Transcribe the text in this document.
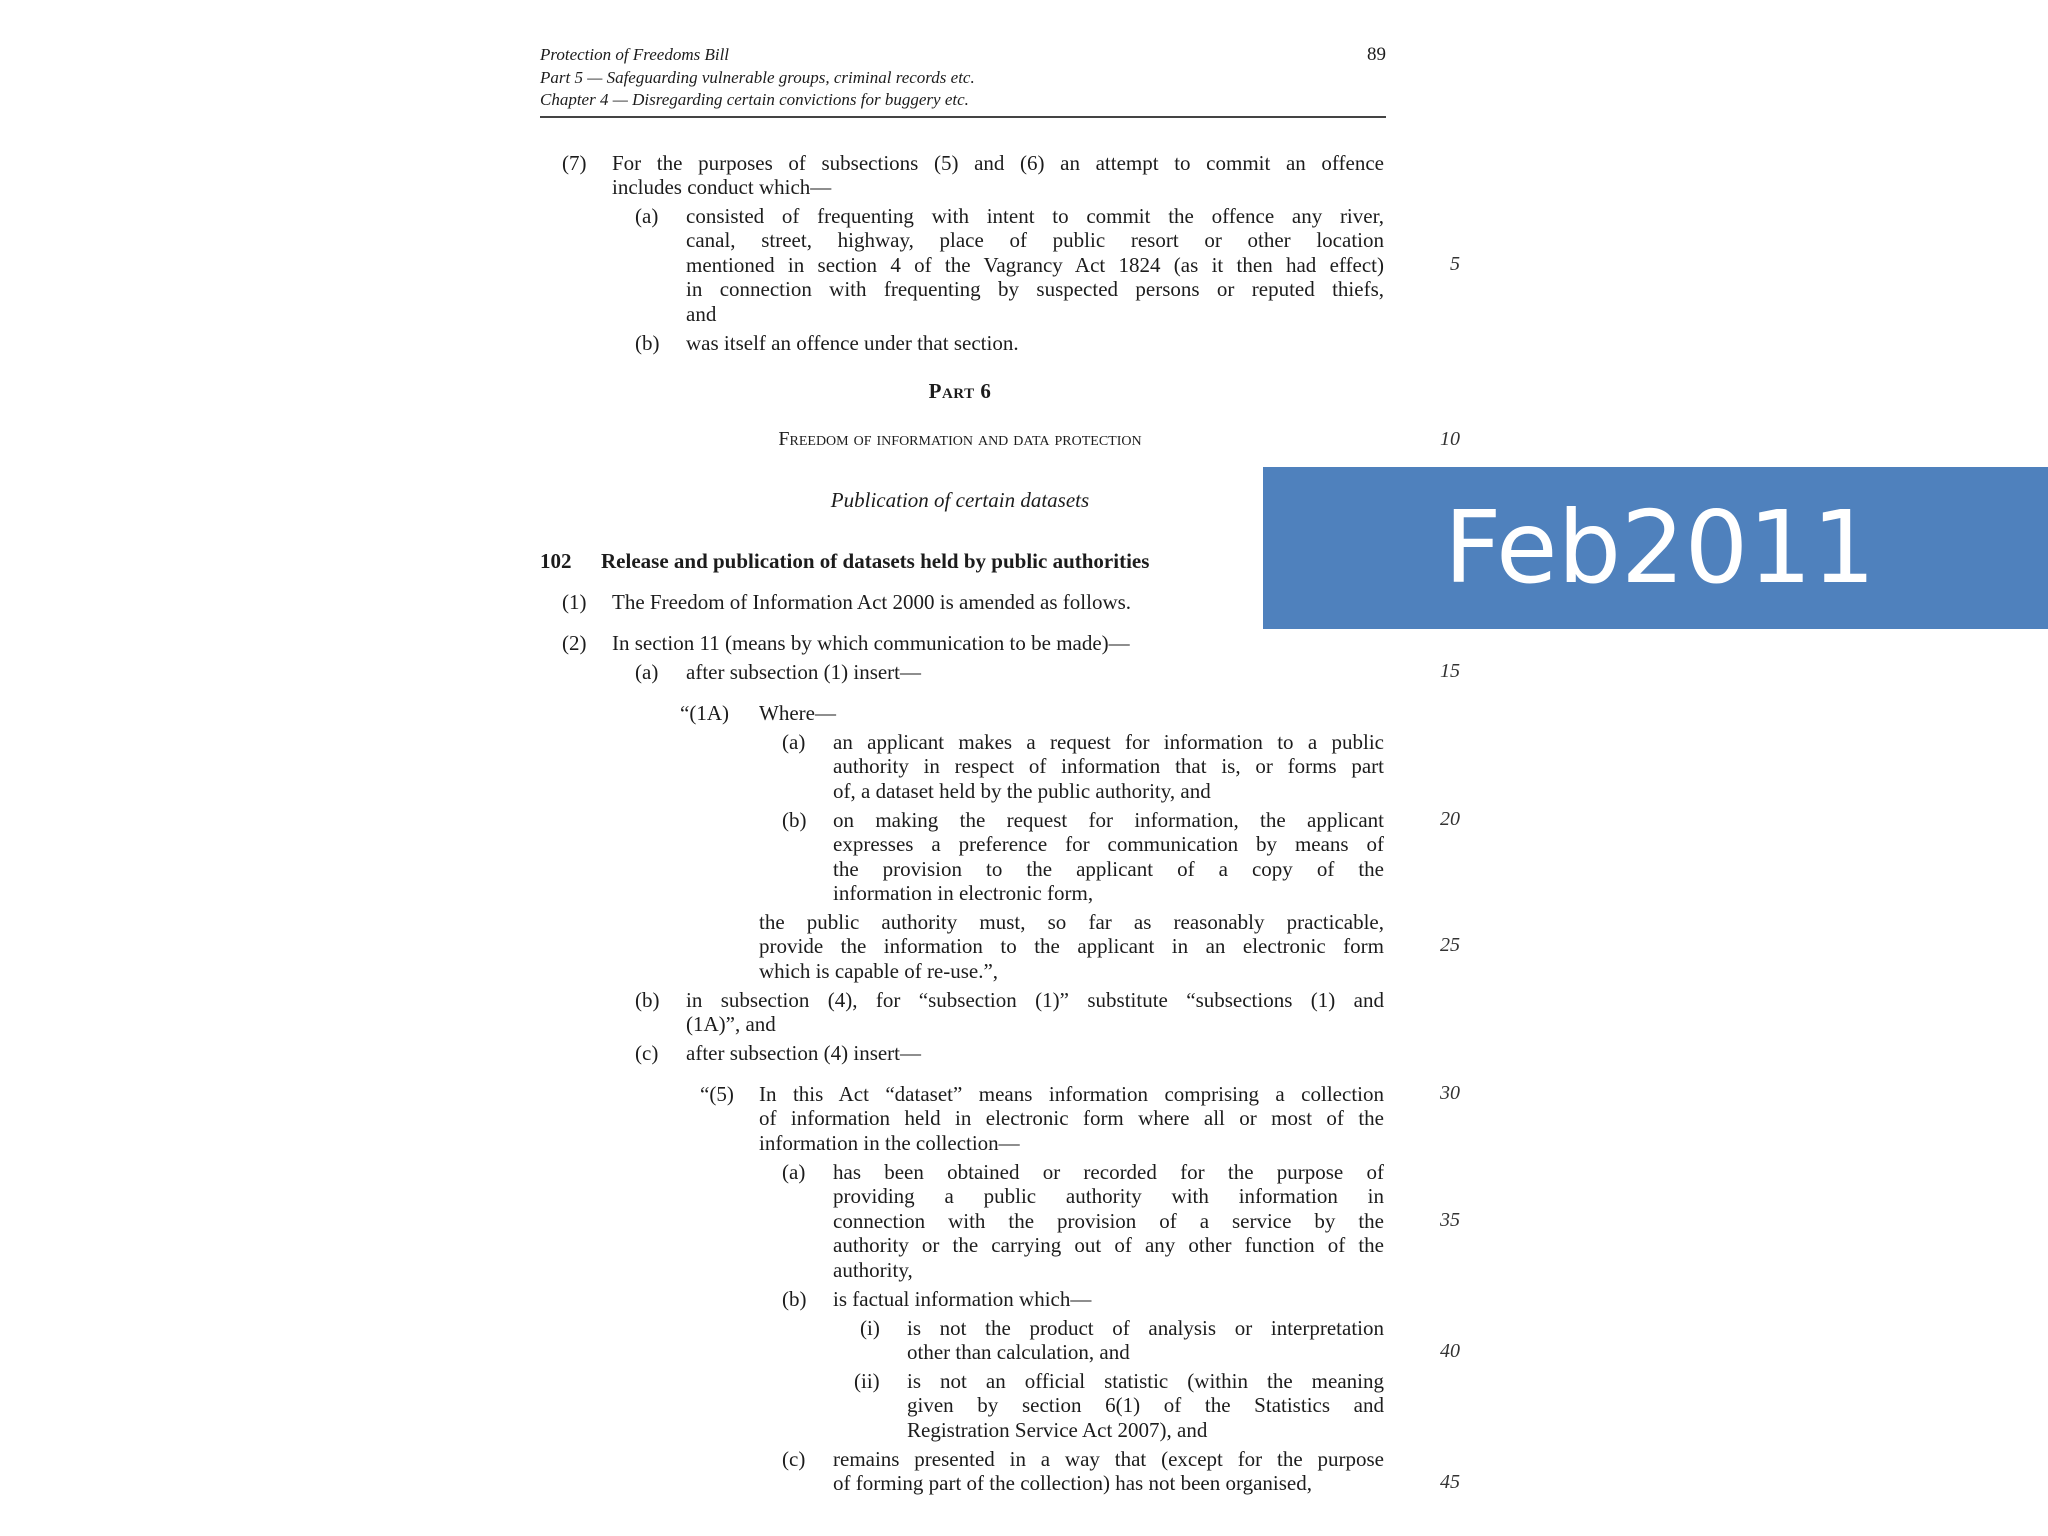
Protection of Freedoms Bill
Part 5 — Safeguarding vulnerable groups, criminal records etc.
Chapter 4 — Disregarding certain convictions for buggery etc.
89
(7) For the purposes of subsections (5) and (6) an attempt to commit an offence
includes conduct which—
(a) consisted of frequenting with intent to commit the offence any river,
canal, street, highway, place of public resort or other location
mentioned in section 4 of the Vagrancy Act 1824 (as it then had effect)
in connection with frequenting by suspected persons or reputed thiefs,
and
(b) was itself an offence under that section.
Part 6
Freedom of information and data protection
Publication of certain datasets
102 Release and publication of datasets held by public authorities
(1) The Freedom of Information Act 2000 is amended as follows.
(2) In section 11 (means by which communication to be made)—
(a) after subsection (1) insert—
“(1A) Where—
(a) an applicant makes a request for information to a public
authority in respect of information that is, or forms part
of, a dataset held by the public authority, and
(b) on making the request for information, the applicant
expresses a preference for communication by means of
the provision to the applicant of a copy of the
information in electronic form,
the public authority must, so far as reasonably practicable,
provide the information to the applicant in an electronic form
which is capable of re-use.”,
(b) in subsection (4), for “subsection (1)” substitute “subsections (1) and
(1A)”, and
(c) after subsection (4) insert—
“(5) In this Act “dataset” means information comprising a collection
of information held in electronic form where all or most of the
information in the collection—
(a) has been obtained or recorded for the purpose of
providing a public authority with information in
connection with the provision of a service by the
authority or the carrying out of any other function of the
authority,
(b) is factual information which—
(i) is not the product of analysis or interpretation
other than calculation, and
(ii) is not an official statistic (within the meaning
given by section 6(1) of the Statistics and
Registration Service Act 2007), and
(c) remains presented in a way that (except for the purpose
of forming part of the collection) has not been organised,
5
10
15
20
25
30
35
40
45
Feb2011
